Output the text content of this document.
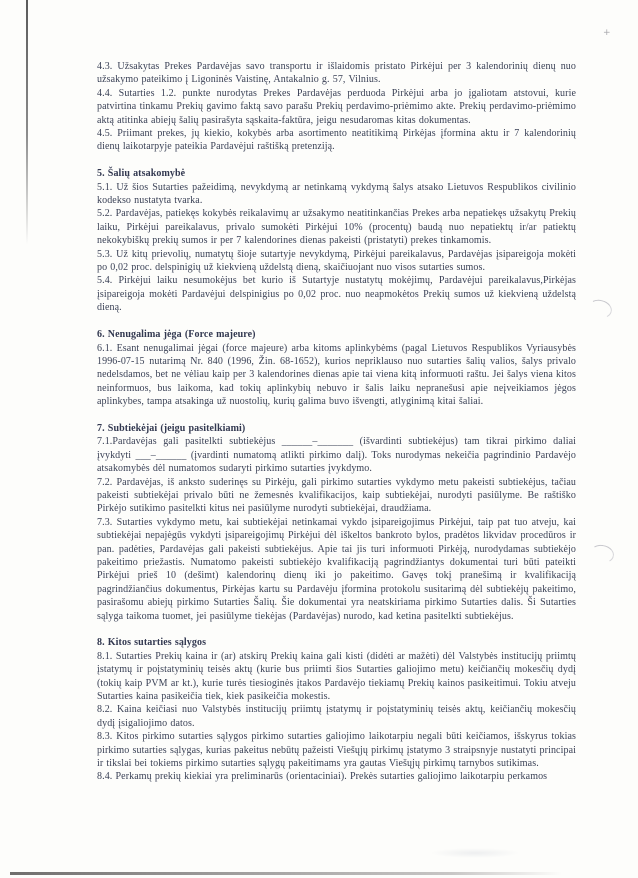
+

4.3. Užsakytas Prekes Pardavėjas savo transportu ir išlaidomis pristato Pirkėjui per 3 kalendorinių dienų nuo užsakymo pateikimo į Ligoninės Vaistinę, Antakalnio g. 57, Vilnius.

4.4. Sutarties 1.2. punkte nurodytas Prekes Pardavėjas perduoda Pirkėjui arba jo įgaliotam atstovui, kurie patvirtina tinkamu Prekių gavimo faktą savo parašu Prekių perdavimo-priėmimo akte. Prekių perdavimo-priėmimo aktą atitinka abiejų šalių pasirašyta sąskaita-faktūra, jeigu nesudaromas kitas dokumentas.

4.5. Priimant prekes, jų kiekio, kokybės arba asortimento neatitikimą Pirkėjas įformina aktu ir 7 kalendorinių dienų laikotarpyje pateikia Pardavėjui raštišką pretenziją.

5. Šalių atsakomybė

5.1. Už šios Sutarties pažeidimą, nevykdymą ar netinkamą vykdymą šalys atsako Lietuvos Respublikos civilinio kodekso nustatyta tvarka.

5.2. Pardavėjas, patiekęs kokybės reikalavimų ar užsakymo neatitinkančias Prekes arba nepatiekęs užsakytų Prekių laiku, Pirkėjui pareikalavus, privalo sumokėti Pirkėjui 10% (procentų) baudą nuo nepatiektų ir/ar patiektų nekokybiškų prekių sumos ir per 7 kalendorines dienas pakeisti (pristatyti) prekes tinkamomis.

5.3. Už kitų prievolių, numatytų šioje sutartyje nevykdymą, Pirkėjui pareikalavus, Pardavėjas įsipareigoja mokėti po 0,02 proc. delspinigių už kiekvieną uždelstą dieną, skaičiuojant nuo visos sutarties sumos.

5.4. Pirkėjui laiku nesumokėjus bet kurio iš Sutartyje nustatytų mokėjimų, Pardavėjui pareikalavus,Pirkėjas įsipareigoja mokėti Pardavėjui delspinigius po 0,02 proc. nuo neapmokėtos Prekių sumos už kiekvieną uždelstą dieną.

6. Nenugalima jėga (Force majeure)

6.1. Esant nenugalimai jėgai (force majeure) arba kitoms aplinkybėms (pagal Lietuvos Respublikos Vyriausybės 1996-07-15 nutarimą Nr. 840 (1996, Žin. 68-1652), kurios nepriklauso nuo sutarties šalių valios, šalys privalo nedelsdamos, bet ne vėliau kaip per 3 kalendorines dienas apie tai viena kitą informuoti raštu. Jei šalys viena kitos neinformuos, bus laikoma, kad tokių aplinkybių nebuvo ir šalis laiku nepranešusi apie neįveikiamos jėgos aplinkybes, tampa atsakinga už nuostolių, kurių galima buvo išvengti, atlyginimą kitai šaliai.

7. Subtiekėjai (jeigu pasitelkiami)

7.1.Pardavėjas gali pasitelkti subtiekėjus ______–_______ (išvardinti subtiekėjus) tam tikrai pirkimo daliai įvykdyti ___–______ (įvardinti numatomą atlikti pirkimo dalį). Toks nurodymas nekeičia pagrindinio Pardavėjo atsakomybės dėl numatomos sudaryti pirkimo sutarties įvykdymo.

7.2. Pardavėjas, iš anksto suderinęs su Pirkėju, gali pirkimo sutarties vykdymo metu pakeisti subtiekėjus, tačiau pakeisti subtiekėjai privalo būti ne žemesnės kvalifikacijos, kaip subtiekėjai, nurodyti pasiūlyme. Be raštiško Pirkėjo sutikimo pasitelkti kitus nei pasiūlyme nurodyti subtiekėjai, draudžiama.

7.3. Sutarties vykdymo metu, kai subtiekėjai netinkamai vykdo įsipareigojimus Pirkėjui, taip pat tuo atveju, kai subtiekėjai nepajėgūs vykdyti įsipareigojimų Pirkėjui dėl iškeltos bankroto bylos, pradėtos likvidav procedūros ir pan. padėties, Pardavėjas gali pakeisti subtiekėjus. Apie tai jis turi informuoti Pirkėją, nurodydamas subtiekėjo pakeitimo priežastis. Numatomo pakeisti subtiekėjo kvalifikaciją pagrindžiantys dokumentai turi būti pateikti Pirkėjui prieš 10 (dešimt) kalendorinų dienų iki jo pakeitimo. Gavęs tokį pranešimą ir kvalifikaciją pagrindžiančius dokumentus, Pirkėjas kartu su Pardavėju įformina protokolu susitarimą dėl subtiekėjų pakeitimo, pasirašomu abiejų pirkimo Sutarties Šalių. Šie dokumentai yra neatskiriama pirkimo Sutarties dalis. Ši Sutarties sąlyga taikoma tuomet, jei pasiūlyme tiekėjas (Pardavėjas) nurodo, kad ketina pasitelkti subtiekėjus.

8. Kitos sutarties sąlygos

8.1. Sutarties Prekių kaina ir (ar) atskirų Prekių kaina gali kisti (didėti ar mažėti) dėl Valstybės institucijų priimtų įstatymų ir poįstatyminių teisės aktų (kurie bus priimti šios Sutarties galiojimo metu) keičiančių mokesčių dydį (tokių kaip PVM ar kt.), kurie turės tiesioginės įtakos Pardavėjo tiekiamų Prekių kainos pasikeitimui. Tokiu atveju Sutarties kaina pasikeičia tiek, kiek pasikeičia mokestis.

8.2. Kaina keičiasi nuo Valstybės institucijų priimtų įstatymų ir poįstatyminių teisės aktų, keičiančių mokesčių dydį įsigaliojimo datos.

8.3. Kitos pirkimo sutarties sąlygos pirkimo sutarties galiojimo laikotarpiu negali būti keičiamos, išskyrus tokias pirkimo sutarties sąlygas, kurias pakeitus nebūtų pažeisti Viešųjų pirkimų įstatymo 3 straipsnyje nustatyti principai ir tikslai bei tokiems pirkimo sutarties sąlygų pakeitimams yra gautas Viešųjų pirkimų tarnybos sutikimas.

8.4. Perkamų prekių kiekiai yra preliminarūs (orientaciniai). Prekės sutarties galiojimo laikotarpiu perkamos
